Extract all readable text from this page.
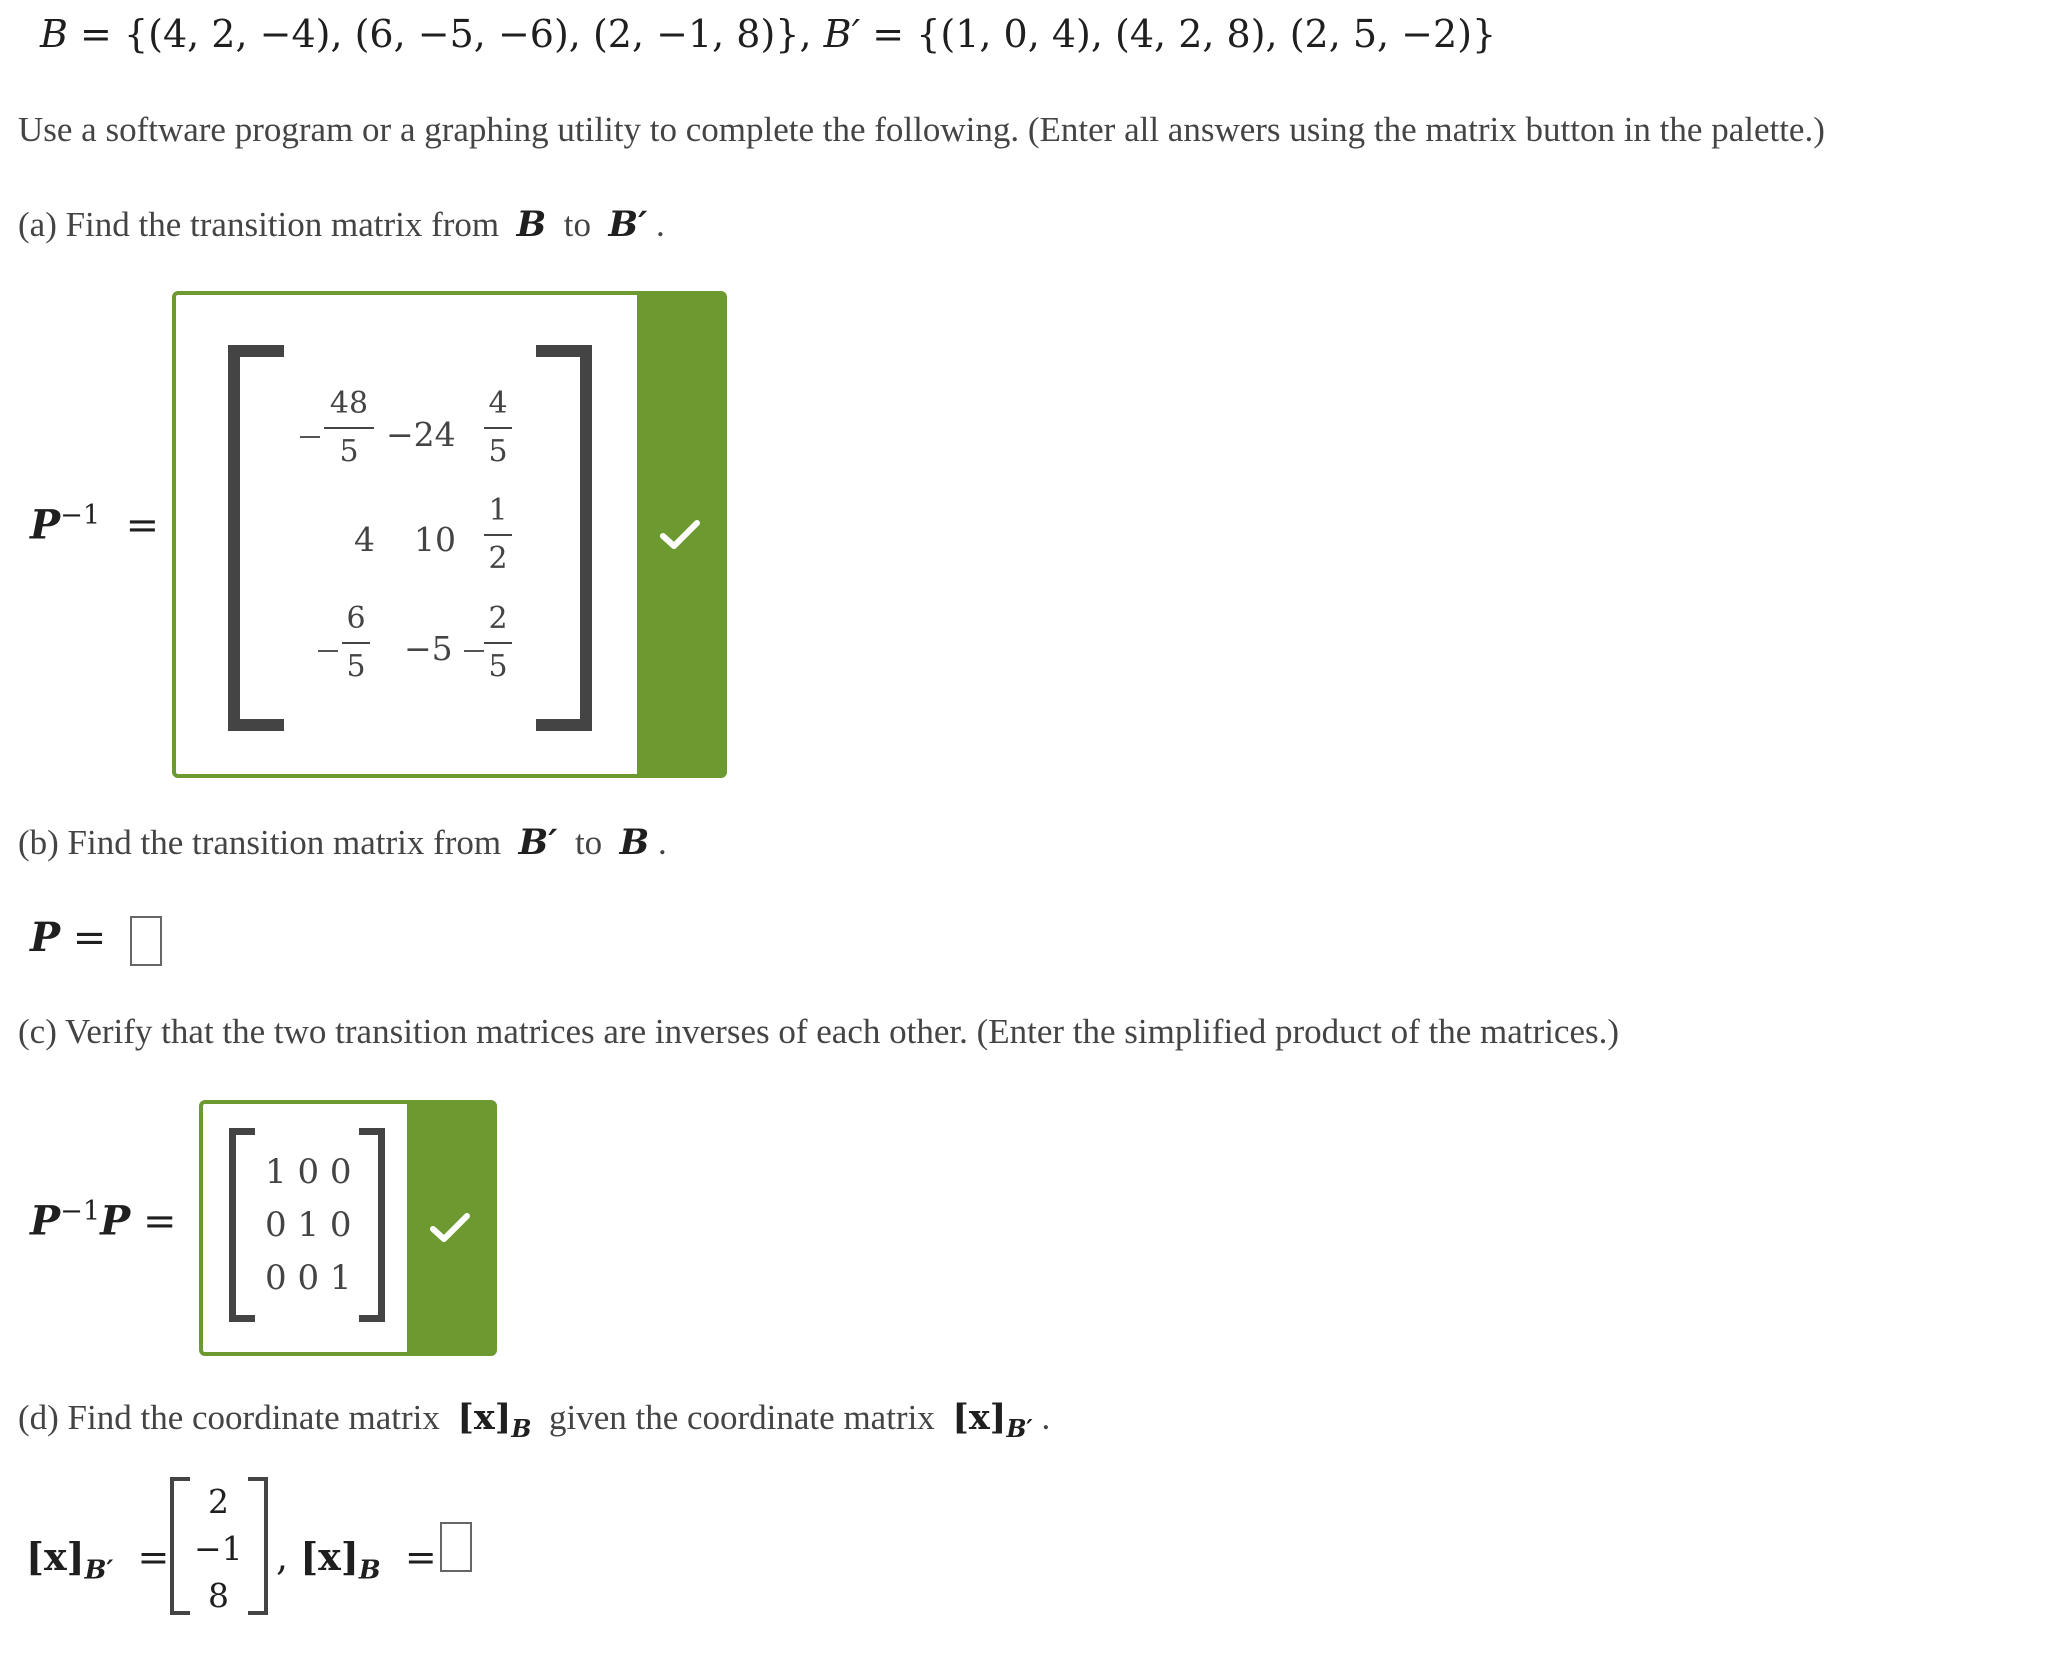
B = {(4, 2, −4), (6, −5, −6), (2, −1, 8)}, B′ = {(1, 0, 4), (4, 2, 8), (2, 5, −2)}
Use a software program or a graphing utility to complete the following. (Enter all answers using the matrix button in the palette.)
(a) Find the transition matrix from B to B′ .
$P^{-1}$ =
48
5 −24
4
5
4 10
1
2
6
5 −5
2
5
(b) Find the transition matrix from B′ to B .
P =
(c) Verify that the two transition matrices are inverses of each other. (Enter the simplified product of the matrices.)
$P^{-1}P$ =
1 0 0
0 1 0
0 0 1
(d) Find the coordinate matrix $[x]_B$ given the coordinate matrix $[x]_{B'}$ .
$[x]_{B'}$ =
2
−1
8
, $[x]_B$ =
